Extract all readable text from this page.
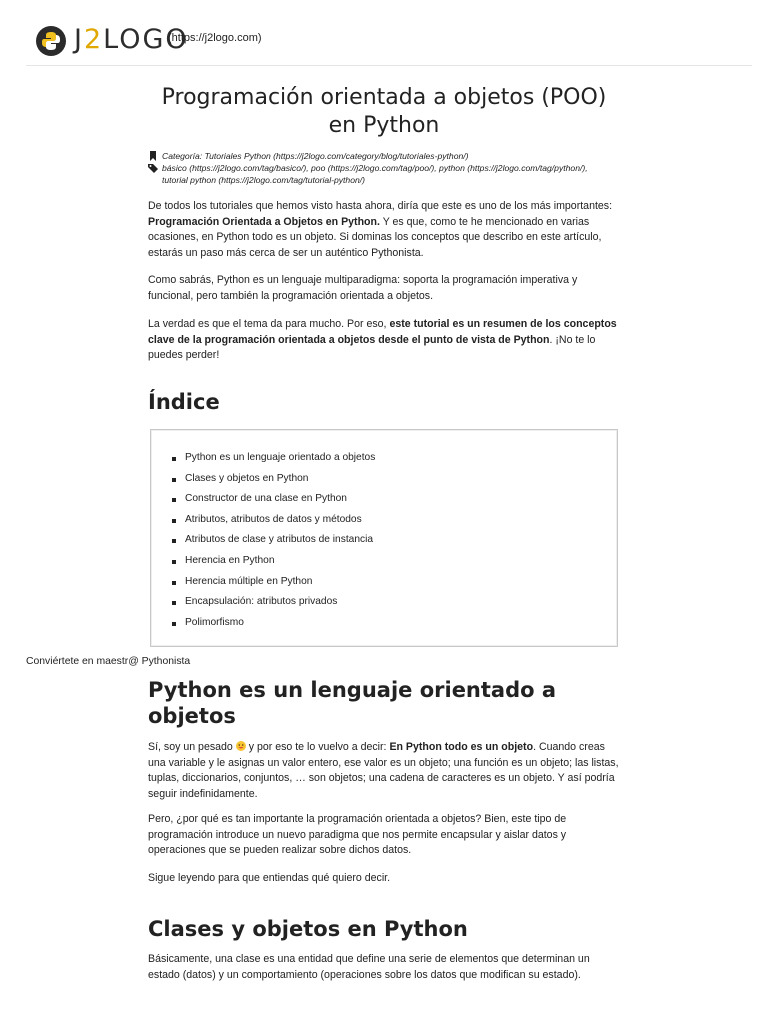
J2LOGO
(https://j2logo.com)
Programación orientada a objetos (POO) en Python
Categoría: Tutoriales Python (https://j2logo.com/category/blog/tutoriales-python/)
básico (https://j2logo.com/tag/basico/), poo (https://j2logo.com/tag/poo/), python (https://j2logo.com/tag/python/),
tutorial python (https://j2logo.com/tag/tutorial-python/)

De todos los tutoriales que hemos visto hasta ahora, diría que este es uno de los más importantes: Programación Orientada a Objetos en Python. Y es que, como te he mencionado en varias ocasiones, en Python todo es un objeto. Si dominas los conceptos que describo en este artículo, estarás un paso más cerca de ser un auténtico Pythonista.

Como sabrás, Python es un lenguaje multiparadigma: soporta la programación imperativa y funcional, pero también la programación orientada a objetos.

La verdad es que el tema da para mucho. Por eso, este tutorial es un resumen de los conceptos clave de la programación orientada a objetos desde el punto de vista de Python. ¡No te lo puedes perder!

Índice
Python es un lenguaje orientado a objetos
Clases y objetos en Python
Constructor de una clase en Python
Atributos, atributos de datos y métodos
Atributos de clase y atributos de instancia
Herencia en Python
Herencia múltiple en Python
Encapsulación: atributos privados
Polimorfismo
Conviértete en maestr@ Pythonista
Python es un lenguaje orientado a objetos

Sí, soy un pesado  y por eso te lo vuelvo a decir: En Python todo es un objeto. Cuando creas una variable y le asignas un valor entero, ese valor es un objeto; una función es un objeto; las listas, tuplas, diccionarios, conjuntos, … son objetos; una cadena de caracteres es un objeto. Y así podría seguir indefinidamente.

Pero, ¿por qué es tan importante la programación orientada a objetos? Bien, este tipo de programación introduce un nuevo paradigma que nos permite encapsular y aislar datos y operaciones que se pueden realizar sobre dichos datos.

Sigue leyendo para que entiendas qué quiero decir.

Clases y objetos en Python

Básicamente, una clase es una entidad que define una serie de elementos que determinan un estado (datos) y un comportamiento (operaciones sobre los datos que modifican su estado).
